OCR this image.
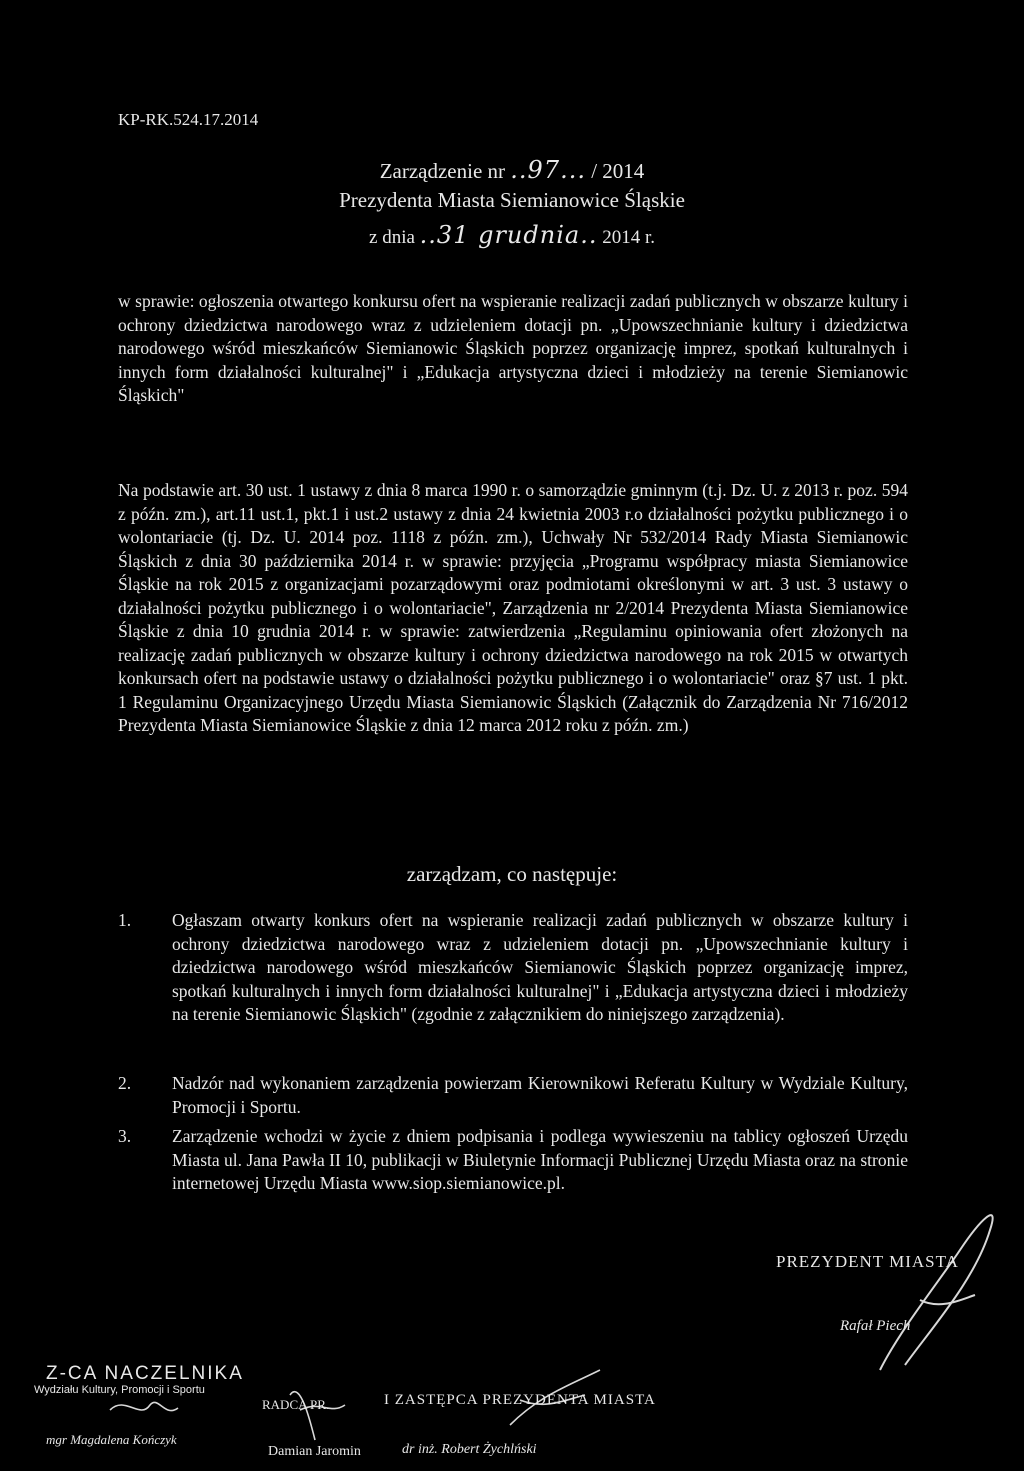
KP-RK.524.17.2014
Zarządzenie nr ..97... / 2014
Prezydenta Miasta Siemianowice Śląskie
z dnia ..31 grudnia.. 2014 r.
w sprawie: ogłoszenia otwartego konkursu ofert na wspieranie realizacji zadań publicznych w obszarze kultury i ochrony dziedzictwa narodowego wraz z udzieleniem dotacji pn. „Upowszechnianie kultury i dziedzictwa narodowego wśród mieszkańców Siemianowic Śląskich poprzez organizację imprez, spotkań kulturalnych i innych form działalności kulturalnej" i „Edukacja artystyczna dzieci i młodzieży na terenie Siemianowic Śląskich"
Na podstawie art. 30 ust. 1 ustawy z dnia 8 marca 1990 r. o samorządzie gminnym (t.j. Dz. U. z 2013 r. poz. 594 z późn. zm.), art.11 ust.1, pkt.1 i ust.2 ustawy z dnia 24 kwietnia 2003 r.o działalności pożytku publicznego i o wolontariacie (tj. Dz. U. 2014 poz. 1118 z późn. zm.), Uchwały Nr 532/2014 Rady Miasta Siemianowic Śląskich z dnia 30 października 2014 r. w sprawie: przyjęcia „Programu współpracy miasta Siemianowice Śląskie na rok 2015 z organizacjami pozarządowymi oraz podmiotami określonymi w art. 3 ust. 3 ustawy o działalności pożytku publicznego i o wolontariacie", Zarządzenia nr 2/2014 Prezydenta Miasta Siemianowice Śląskie z dnia 10 grudnia 2014 r. w sprawie: zatwierdzenia „Regulaminu opiniowania ofert złożonych na realizację zadań publicznych w obszarze kultury i ochrony dziedzictwa narodowego na rok 2015 w otwartych konkursach ofert na podstawie ustawy o działalności pożytku publicznego i o wolontariacie" oraz §7 ust. 1 pkt. 1 Regulaminu Organizacyjnego Urzędu Miasta Siemianowic Śląskich (Załącznik do Zarządzenia Nr 716/2012 Prezydenta Miasta Siemianowice Śląskie z dnia 12 marca 2012 roku z późn. zm.)
zarządzam, co następuje:
1.	Ogłaszam otwarty konkurs ofert na wspieranie realizacji zadań publicznych w obszarze kultury i ochrony dziedzictwa narodowego wraz z udzieleniem dotacji pn. „Upowszechnianie kultury i dziedzictwa narodowego wśród mieszkańców Siemianowic Śląskich poprzez organizację imprez, spotkań kulturalnych i innych form działalności kulturalnej" i „Edukacja artystyczna dzieci i młodzieży na terenie Siemianowic Śląskich" (zgodnie z załącznikiem do niniejszego zarządzenia).
2.	Nadzór nad wykonaniem zarządzenia powierzam Kierownikowi Referatu Kultury w Wydziale Kultury, Promocji i Sportu.
3.	Zarządzenie wchodzi w życie z dniem podpisania i podlega wywieszeniu na tablicy ogłoszeń Urzędu Miasta ul. Jana Pawła II 10, publikacji w Biuletynie Informacji Publicznej Urzędu Miasta oraz na stronie internetowej Urzędu Miasta www.siop.siemianowice.pl.
PREZYDENT MIASTA
Rafał Piech
Z-CA NACZELNIKA
Wydziału Kultury, Promocji i Sportu
mgr Magdalena Kończyk
RADCA PR.
Damian Jaromin
I ZASTĘPCA PREZYDENTA MIASTA
dr inż. Robert Żychlński
